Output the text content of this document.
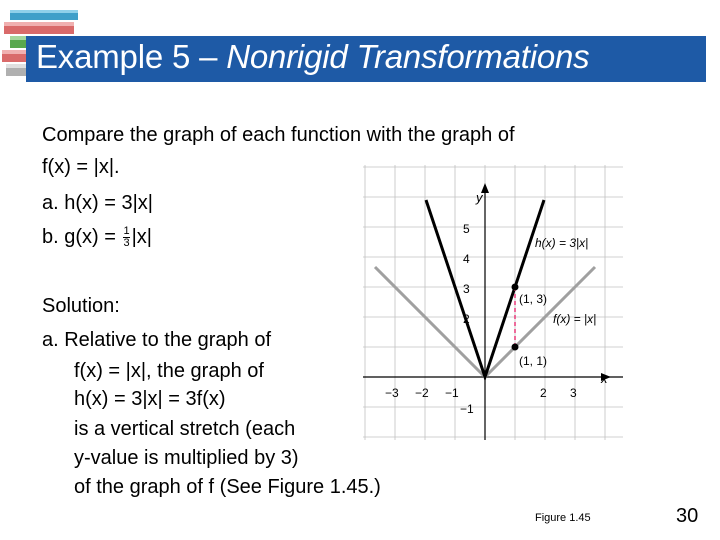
Example 5 – Nonrigid Transformations
Compare the graph of each function with the graph of
f(x) = |x|.
a. h(x) = 3|x|
b. $g(x) = \frac{1}{3} |x|$
Solution:
a. Relative to the graph of
f(x) = |x|, the graph of
h(x) = 3|x| = 3f(x)
is a vertical stretch (each
y-value is multiplied by 3)
of the graph of f (See Figure 1.45.)
y
x
5
4
3
2
−1
−3 −2 −1	2 3
h(x) = 3|x|
f(x) = |x|
(1, 3)
(1, 1)
Figure 1.45	30
